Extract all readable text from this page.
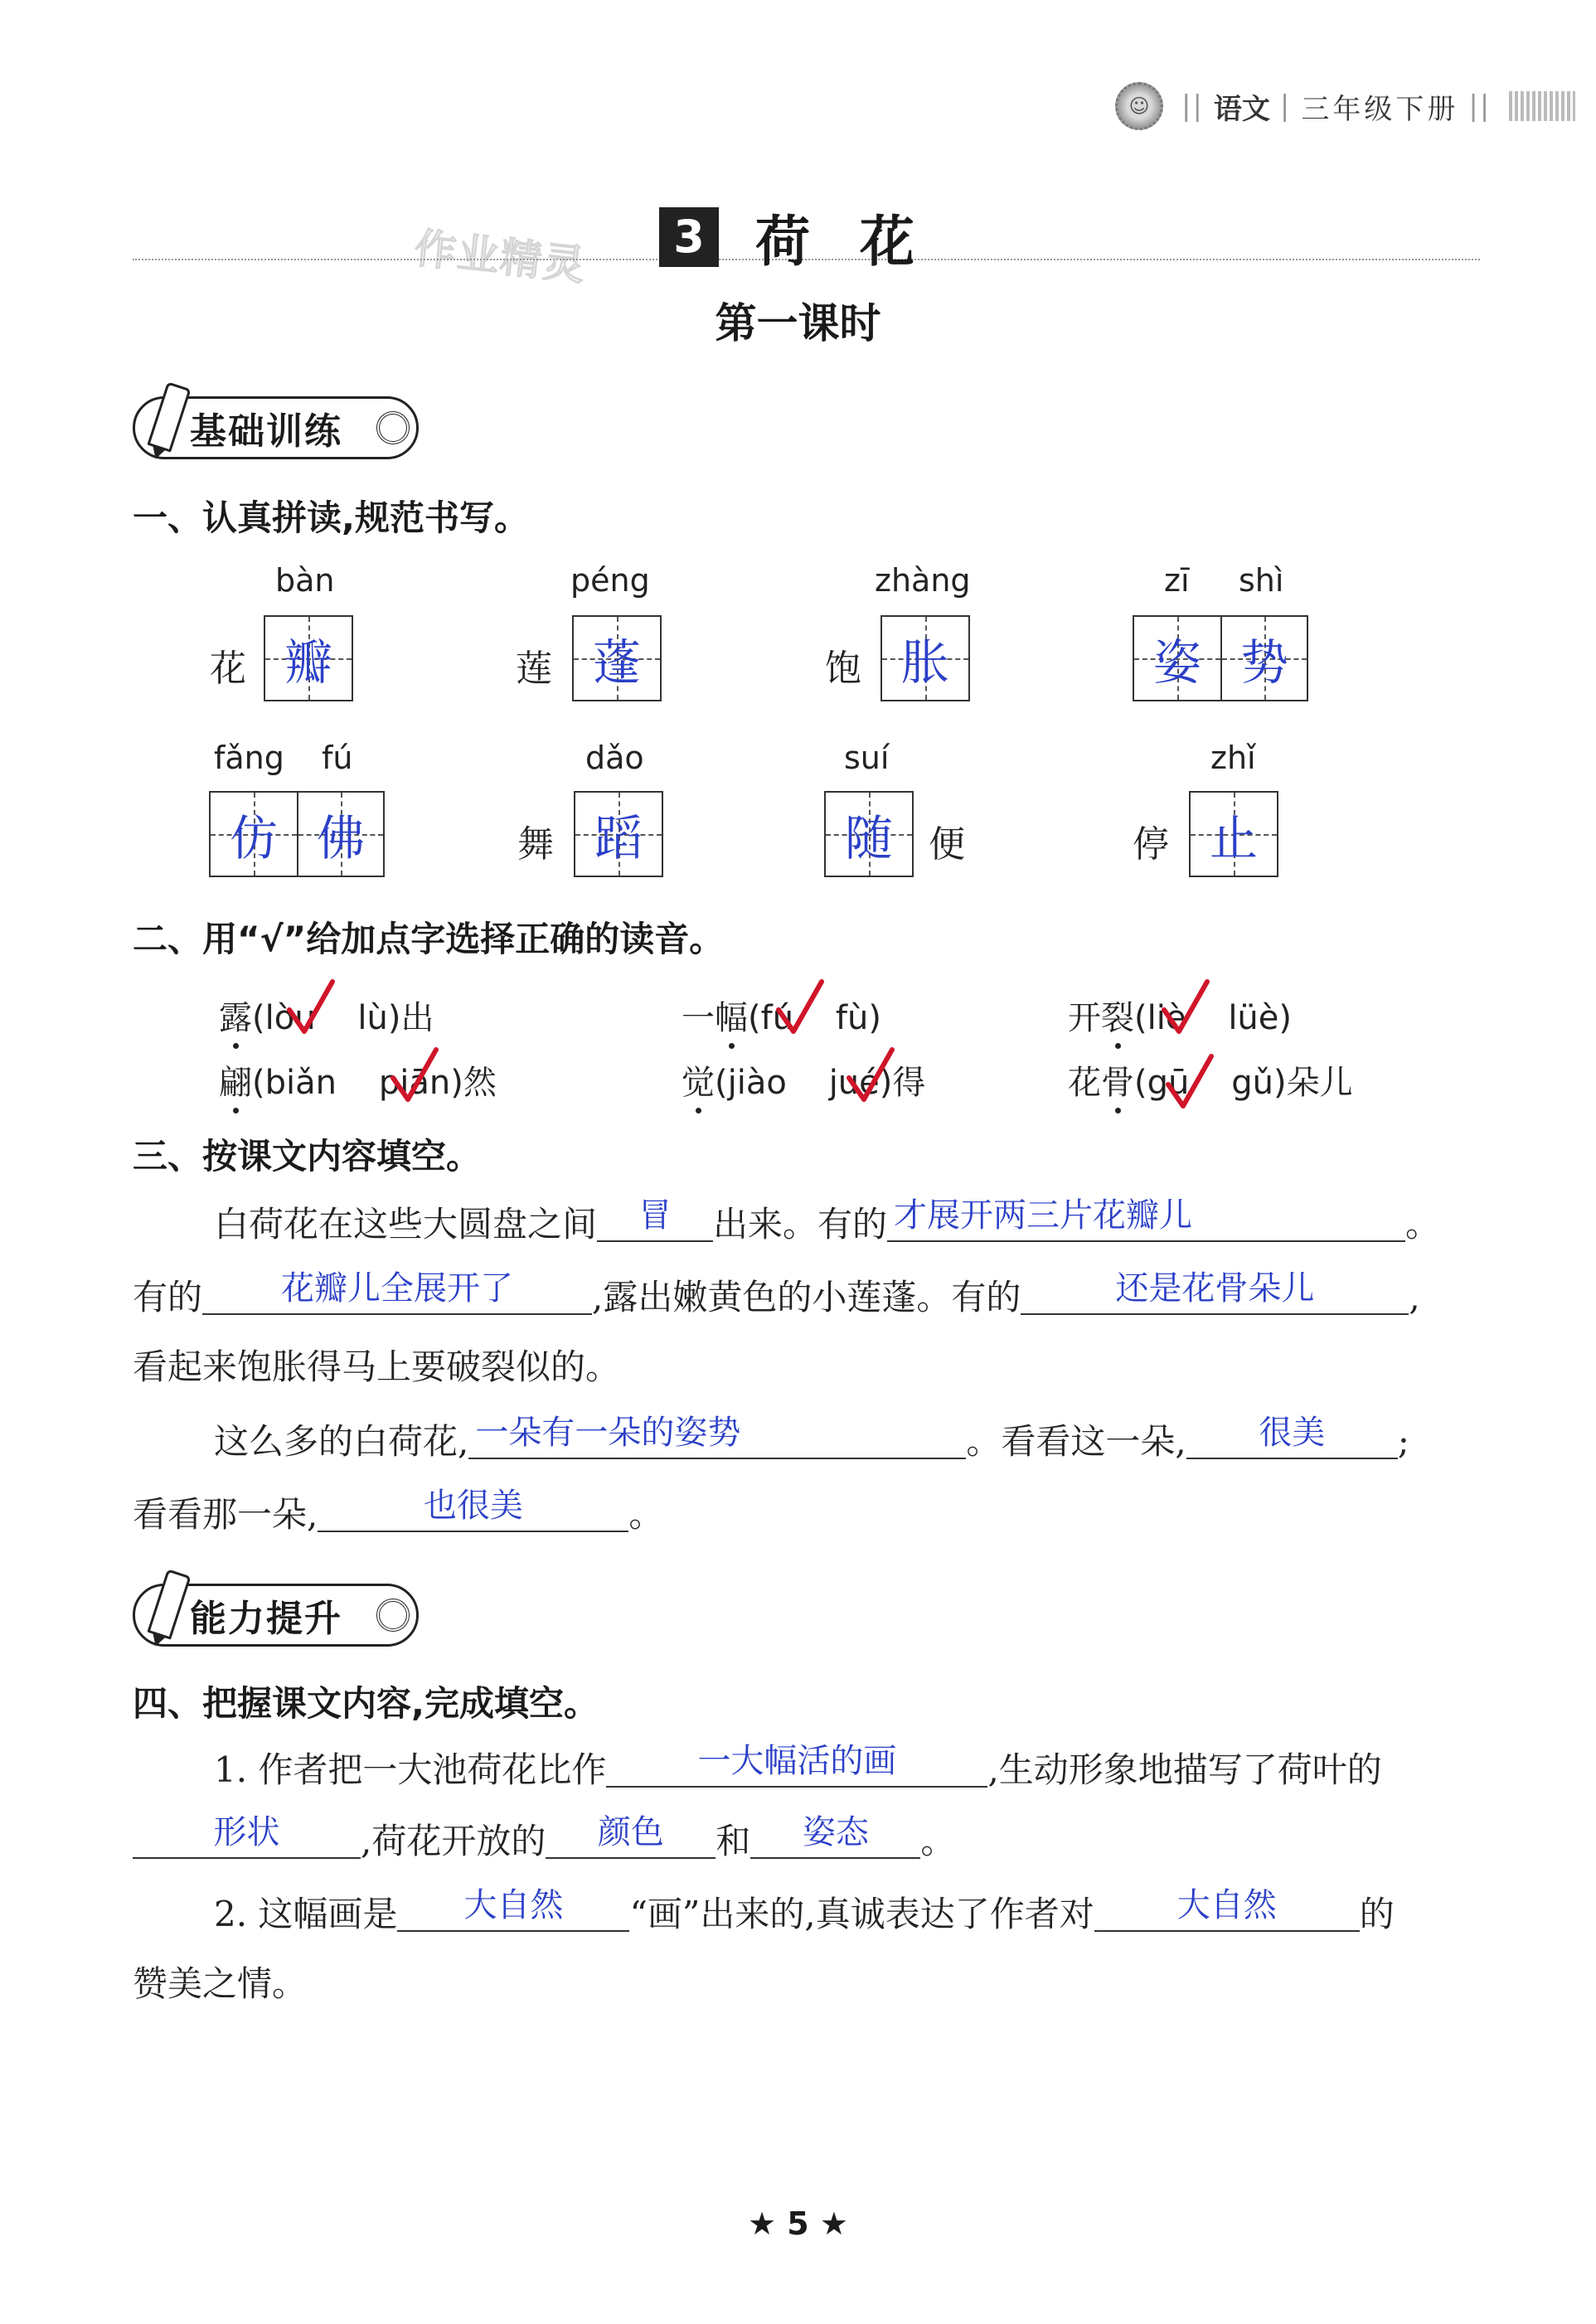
☺	|| 语文 | 三年级下册 ||
作业精灵	3 荷花
第一课时
基础训练
一、认真拼读,规范书写。
bàn
花 瓣
péng
莲 蓬
zhàng
饱 胀
zī shì
姿 势
fǎng fú
仿 佛
dǎo
舞 蹈
suí
随 便
zhǐ
停 止
二、用“√”给加点字选择正确的读音。
露(lòu lù)出	一幅(fú fù)	开裂(liè lüè)
翩(biǎn piān)然	觉(jiào jué)得	花骨(gū gǔ)朵儿
三、按课文内容填空。
白荷花在这些大圆盘之间	冒	出来。有的 才展开两三片花瓣儿	。
有的	花瓣儿全展开了	,露出嫩黄色的小莲蓬。有的	还是花骨朵儿	,
看起来饱胀得马上要破裂似的。
这么多的白荷花, 一朵有一朵的姿势	。看看这一朵,	很美	;
看看那一朵,	也很美	。
能力提升
四、把握课文内容,完成填空。
1. 作者把一大池荷花比作	一大幅活的画	,生动形象地描写了荷叶的
形状	,荷花开放的	颜色	和	姿态	。
2. 这幅画是	大自然	“画”出来的,真诚表达了作者对	大自然	的
赞美之情。
★ 5 ★
